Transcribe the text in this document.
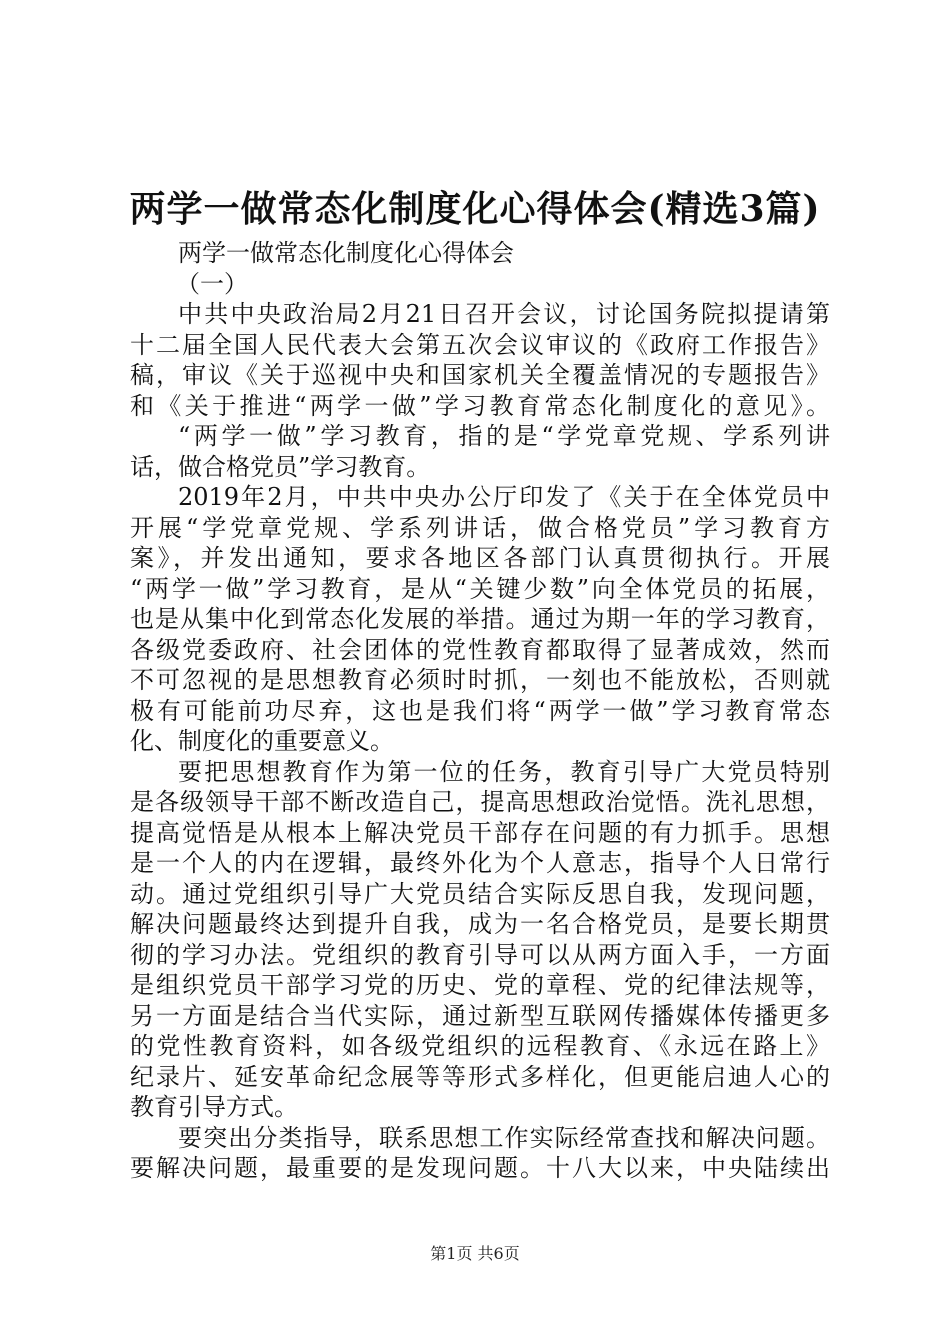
两学一做常态化制度化心得体会(精选3篇)
两学一做常态化制度化心得体会
（一）
中共中央政治局2月21日召开会议，讨论国务院拟提请第
十二届全国人民代表大会第五次会议审议的《政府工作报告》
稿，审议《关于巡视中央和国家机关全覆盖情况的专题报告》
和《关于推进“两学一做”学习教育常态化制度化的意见》。
“两学一做”学习教育，指的是“学党章党规、学系列讲
话，做合格党员”学习教育。
2019年2月，中共中央办公厅印发了《关于在全体党员中
开展“学党章党规、学系列讲话，做合格党员”学习教育方
案》，并发出通知，要求各地区各部门认真贯彻执行。开展
“两学一做”学习教育，是从“关键少数”向全体党员的拓展，
也是从集中化到常态化发展的举措。通过为期一年的学习教育，
各级党委政府、社会团体的党性教育都取得了显著成效，然而
不可忽视的是思想教育必须时时抓，一刻也不能放松，否则就
极有可能前功尽弃，这也是我们将“两学一做”学习教育常态
化、制度化的重要意义。
要把思想教育作为第一位的任务，教育引导广大党员特别
是各级领导干部不断改造自己，提高思想政治觉悟。洗礼思想，
提高觉悟是从根本上解决党员干部存在问题的有力抓手。思想
是一个人的内在逻辑，最终外化为个人意志，指导个人日常行
动。通过党组织引导广大党员结合实际反思自我，发现问题，
解决问题最终达到提升自我，成为一名合格党员，是要长期贯
彻的学习办法。党组织的教育引导可以从两方面入手，一方面
是组织党员干部学习党的历史、党的章程、党的纪律法规等，
另一方面是结合当代实际，通过新型互联网传播媒体传播更多
的党性教育资料，如各级党组织的远程教育、《永远在路上》
纪录片、延安革命纪念展等等形式多样化，但更能启迪人心的
教育引导方式。
要突出分类指导，联系思想工作实际经常查找和解决问题。
要解决问题，最重要的是发现问题。十八大以来，中央陆续出
第1页 共6页
